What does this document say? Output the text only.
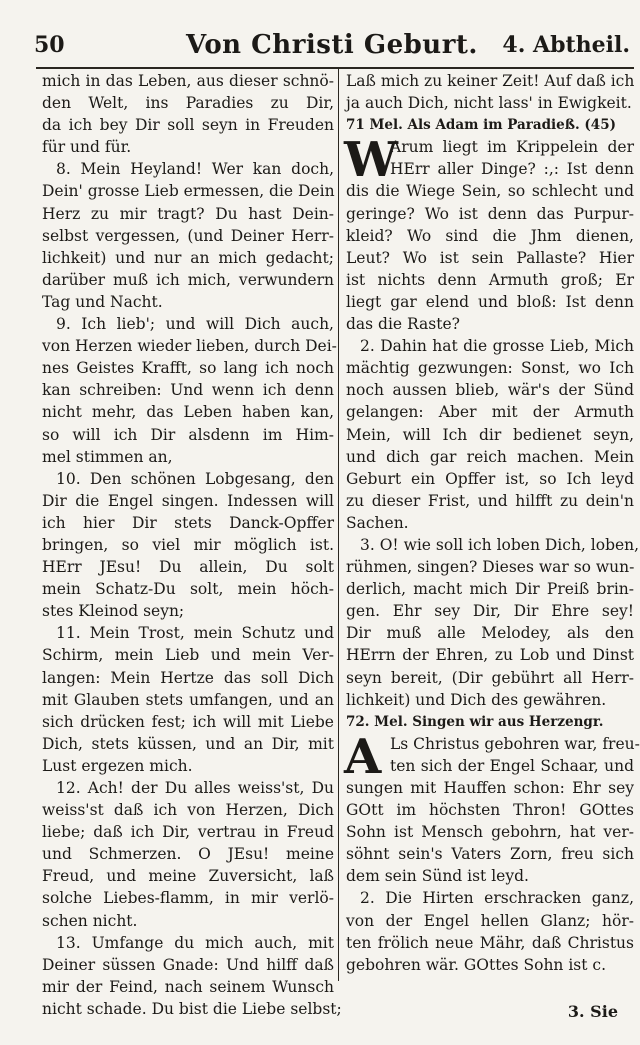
50	Von Christi Geburt.	4. Abtheil.
mich in das Leben, aus dieser schnö-
den Welt, ins Paradies zu Dir,
da ich bey Dir soll seyn in Freuden
für und für.
8. Mein Heyland! Wer kan doch,
Dein' grosse Lieb ermessen, die Dein
Herz zu mir tragt? Du hast Dein-
selbst vergessen, (und Deiner Herr-
lichkeit) und nur an mich gedacht;
darüber muß ich mich, verwundern
Tag und Nacht.
9. Ich lieb'; und will Dich auch,
von Herzen wieder lieben, durch Dei-
nes Geistes Krafft, so lang ich noch
kan schreiben: Und wenn ich denn
nicht mehr, das Leben haben kan,
so will ich Dir alsdenn im Him-
mel stimmen an,
10. Den schönen Lobgesang, den
Dir die Engel singen. Indessen will
ich hier Dir stets Danck-Opffer
bringen, so viel mir möglich ist.
HErr JEsu! Du allein, Du solt
mein Schatz-Du solt, mein höch-
stes Kleinod seyn;
11. Mein Trost, mein Schutz und
Schirm, mein Lieb und mein Ver-
langen: Mein Hertze das soll Dich
mit Glauben stets umfangen, und an
sich drücken fest; ich will mit Liebe
Dich, stets küssen, und an Dir, mit
Lust ergezen mich.
12. Ach! der Du alles weiss'st, Du
weiss'st daß ich von Herzen, Dich
liebe; daß ich Dir, vertrau in Freud
und Schmerzen. O JEsu! meine
Freud, und meine Zuversicht, laß
solche Liebes-flamm, in mir verlö-
schen nicht.
13. Umfange du mich auch, mit
Deiner süssen Gnade: Und hilff daß
mir der Feind, nach seinem Wunsch
nicht schade. Du bist die Liebe selbst;
Laß mich zu keiner Zeit! Auf daß ich
ja auch Dich, nicht lass' in Ewigkeit.
71 Mel. Als Adam im Paradieß. (45)
W
Arum liegt im Krippelein der
HErr aller Dinge? :,: Ist denn
dis die Wiege Sein, so schlecht und
geringe? Wo ist denn das Purpur-
kleid? Wo sind die Jhm dienen,
Leut? Wo ist sein Pallaste? Hier
ist nichts denn Armuth groß; Er
liegt gar elend und bloß: Ist denn
das die Raste?
2. Dahin hat die grosse Lieb, Mich
mächtig gezwungen: Sonst, wo Ich
noch aussen blieb, wär's der Sünd
gelangen: Aber mit der Armuth
Mein, will Ich dir bedienet seyn,
und dich gar reich machen. Mein
Geburt ein Opffer ist, so Ich leyd
zu dieser Frist, und hilfft zu dein'n
Sachen.
3. O! wie soll ich loben Dich, loben,
rühmen, singen? Dieses war so wun-
derlich, macht mich Dir Preiß brin-
gen. Ehr sey Dir, Dir Ehre sey!
Dir muß alle Melodey, als den
HErrn der Ehren, zu Lob und Dinst
seyn bereit, (Dir gebührt all Herr-
lichkeit) und Dich des gewähren.
72. Mel. Singen wir aus Herzengr.
A Ls Christus gebohren war, freu-
ten sich der Engel Schaar, und
sungen mit Hauffen schon: Ehr sey
GOtt im höchsten Thron! GOttes
Sohn ist Mensch gebohrn, hat ver-
söhnt sein's Vaters Zorn, freu sich
dem sein Sünd ist leyd.
2. Die Hirten erschracken ganz,
von der Engel hellen Glanz; hör-
ten frölich neue Mähr, daß Christus
gebohren wär. GOttes Sohn ist c.
3. Sie
